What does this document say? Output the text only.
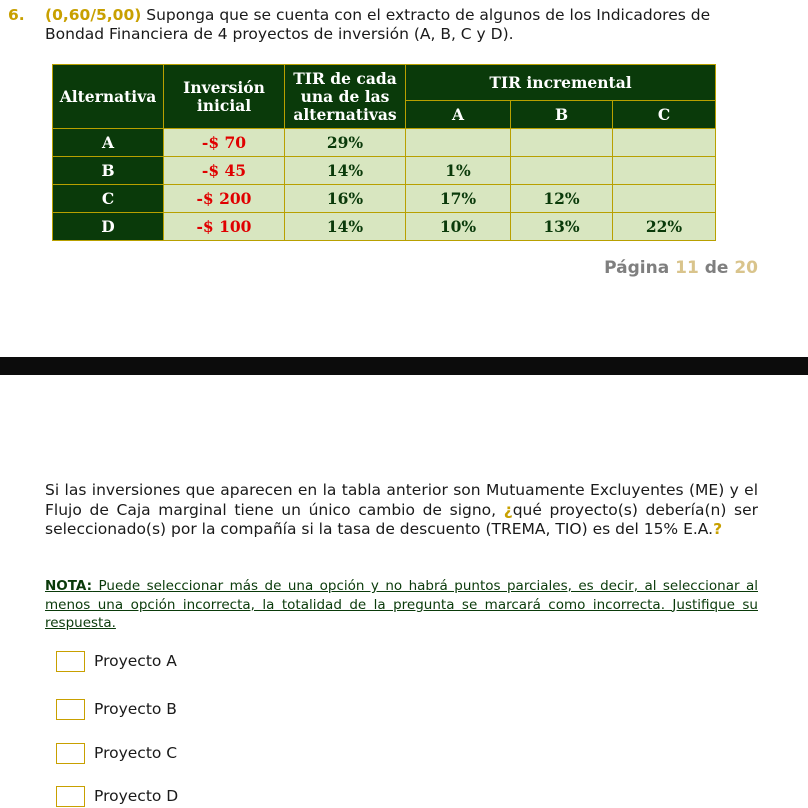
6. (0,60/5,00) Suponga que se cuenta con el extracto de algunos de los Indicadores de
Bondad Financiera de 4 proyectos de inversión (A, B, C y D).
Alternativa	Inversión inicial	TIR de cada una de las alternativas	TIR incremental		
			A	B	C
A	-$ 70	29%			
B	-$ 45	14%	1%		
C	-$ 200	16%	17%	12%	
D	-$ 100	14%	10%	13%	22%
Página 11 de 20
Si las inversiones que aparecen en la tabla anterior son Mutuamente Excluyentes (ME) y el Flujo de Caja marginal tiene un único cambio de signo, ¿qué proyecto(s) debería(n) ser seleccionado(s) por la compañía si la tasa de descuento (TREMA, TIO) es del 15% E.A.?
NOTA: Puede seleccionar más de una opción y no habrá puntos parciales, es decir, al seleccionar al menos una opción incorrecta, la totalidad de la pregunta se marcará como incorrecta. Justifique su respuesta.
Proyecto A
Proyecto B
Proyecto C
Proyecto D
